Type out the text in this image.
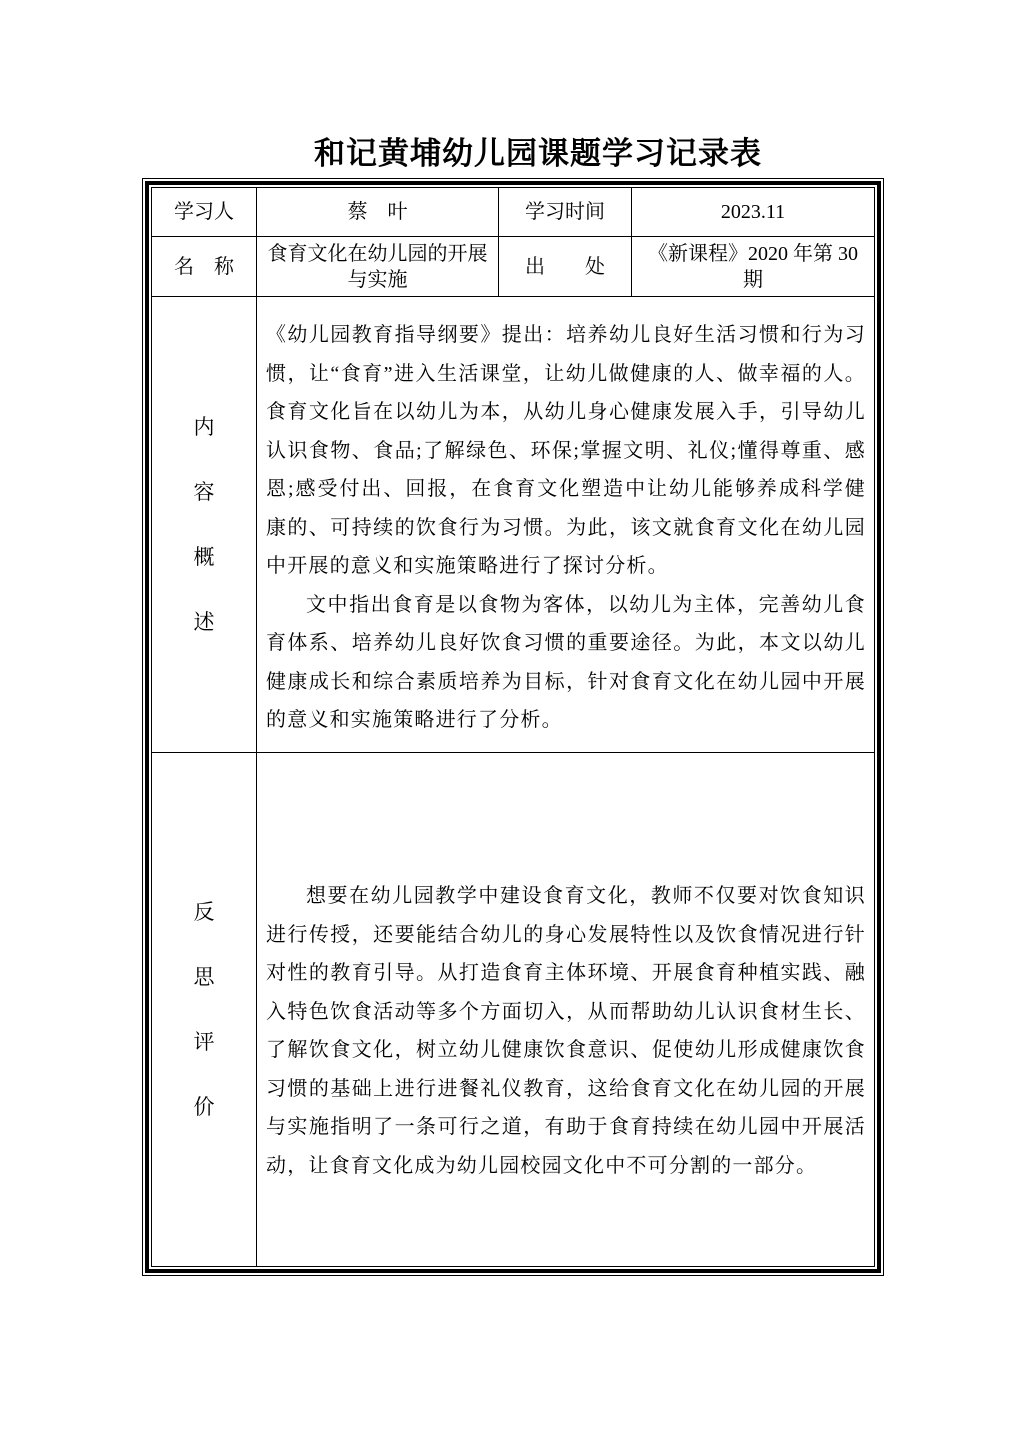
和记黄埔幼儿园课题学习记录表
学习人	蔡　叶	学习时间	2023.11
名　称	食育文化在幼儿园的开展与实施	出　　处	《新课程》2020 年第 30 期

内
容
概
述

《幼儿园教育指导纲要》提出：培养幼儿良好生活习惯和行为习惯，让“食育”进入生活课堂，让幼儿做健康的人、做幸福的人。食育文化旨在以幼儿为本，从幼儿身心健康发展入手，引导幼儿认识食物、食品;了解绿色、环保;掌握文明、礼仪;懂得尊重、感恩;感受付出、回报，在食育文化塑造中让幼儿能够养成科学健康的、可持续的饮食行为习惯。为此，该文就食育文化在幼儿园中开展的意义和实施策略进行了探讨分析。

文中指出食育是以食物为客体，以幼儿为主体，完善幼儿食育体系、培养幼儿良好饮食习惯的重要途径。为此，本文以幼儿健康成长和综合素质培养为目标，针对食育文化在幼儿园中开展的意义和实施策略进行了分析。

反
思
评
价

想要在幼儿园教学中建设食育文化，教师不仅要对饮食知识进行传授，还要能结合幼儿的身心发展特性以及饮食情况进行针对性的教育引导。从打造食育主体环境、开展食育种植实践、融入特色饮食活动等多个方面切入，从而帮助幼儿认识食材生长、了解饮食文化，树立幼儿健康饮食意识、促使幼儿形成健康饮食习惯的基础上进行进餐礼仪教育，这给食育文化在幼儿园的开展与实施指明了一条可行之道，有助于食育持续在幼儿园中开展活动，让食育文化成为幼儿园校园文化中不可分割的一部分。
